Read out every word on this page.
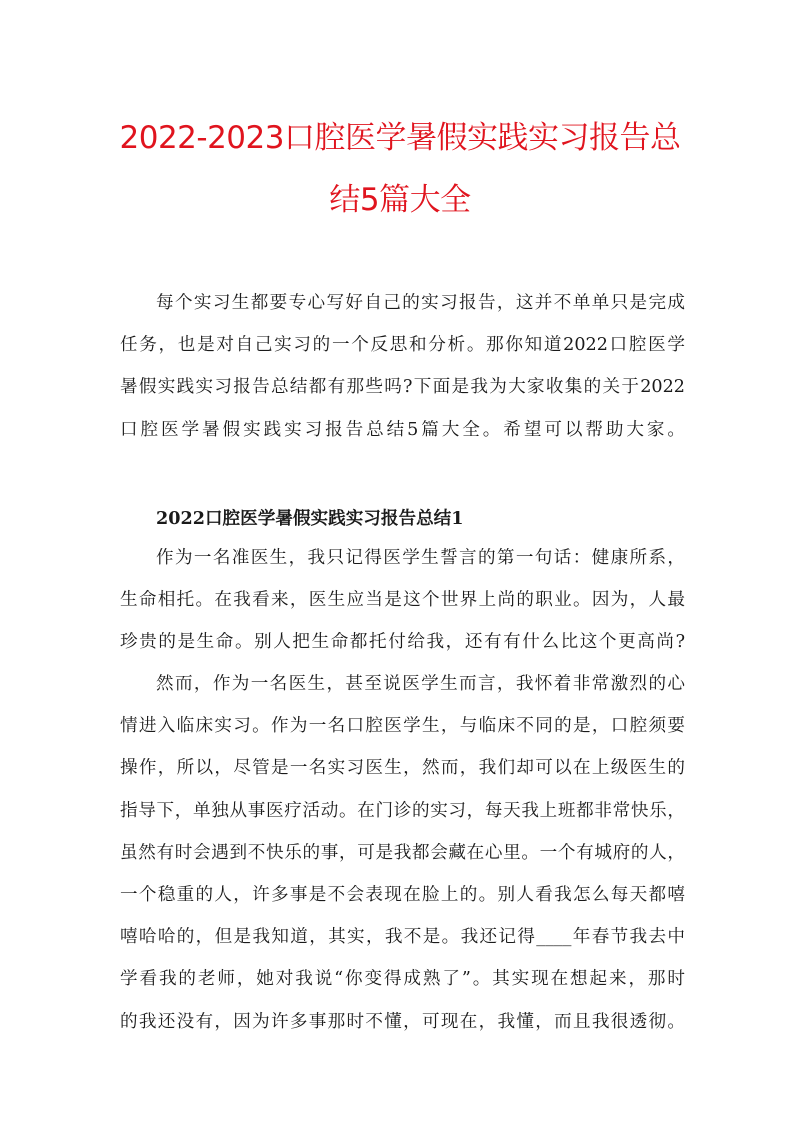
2022-2023口腔医学暑假实践实习报告总
结5篇大全
每个实习生都要专心写好自己的实习报告，这并不单单只是完成
任务，也是对自己实习的一个反思和分析。那你知道2022口腔医学
暑假实践实习报告总结都有那些吗?下面是我为大家收集的关于2022
口腔医学暑假实践实习报告总结5篇大全。希望可以帮助大家。
2022口腔医学暑假实践实习报告总结1
作为一名准医生，我只记得医学生誓言的第一句话：健康所系，
生命相托。在我看来，医生应当是这个世界上尚的职业。因为，人最
珍贵的是生命。别人把生命都托付给我，还有有什么比这个更高尚?
然而，作为一名医生，甚至说医学生而言，我怀着非常激烈的心
情进入临床实习。作为一名口腔医学生，与临床不同的是，口腔须要
操作，所以，尽管是一名实习医生，然而，我们却可以在上级医生的
指导下，单独从事医疗活动。在门诊的实习，每天我上班都非常快乐，
虽然有时会遇到不快乐的事，可是我都会藏在心里。一个有城府的人，
一个稳重的人，许多事是不会表现在脸上的。别人看我怎么每天都嘻
嘻哈哈的，但是我知道，其实，我不是。我还记得____年春节我去中
学看我的老师，她对我说“你变得成熟了”。其实现在想起来，那时
的我还没有，因为许多事那时不懂，可现在，我懂，而且我很透彻。
